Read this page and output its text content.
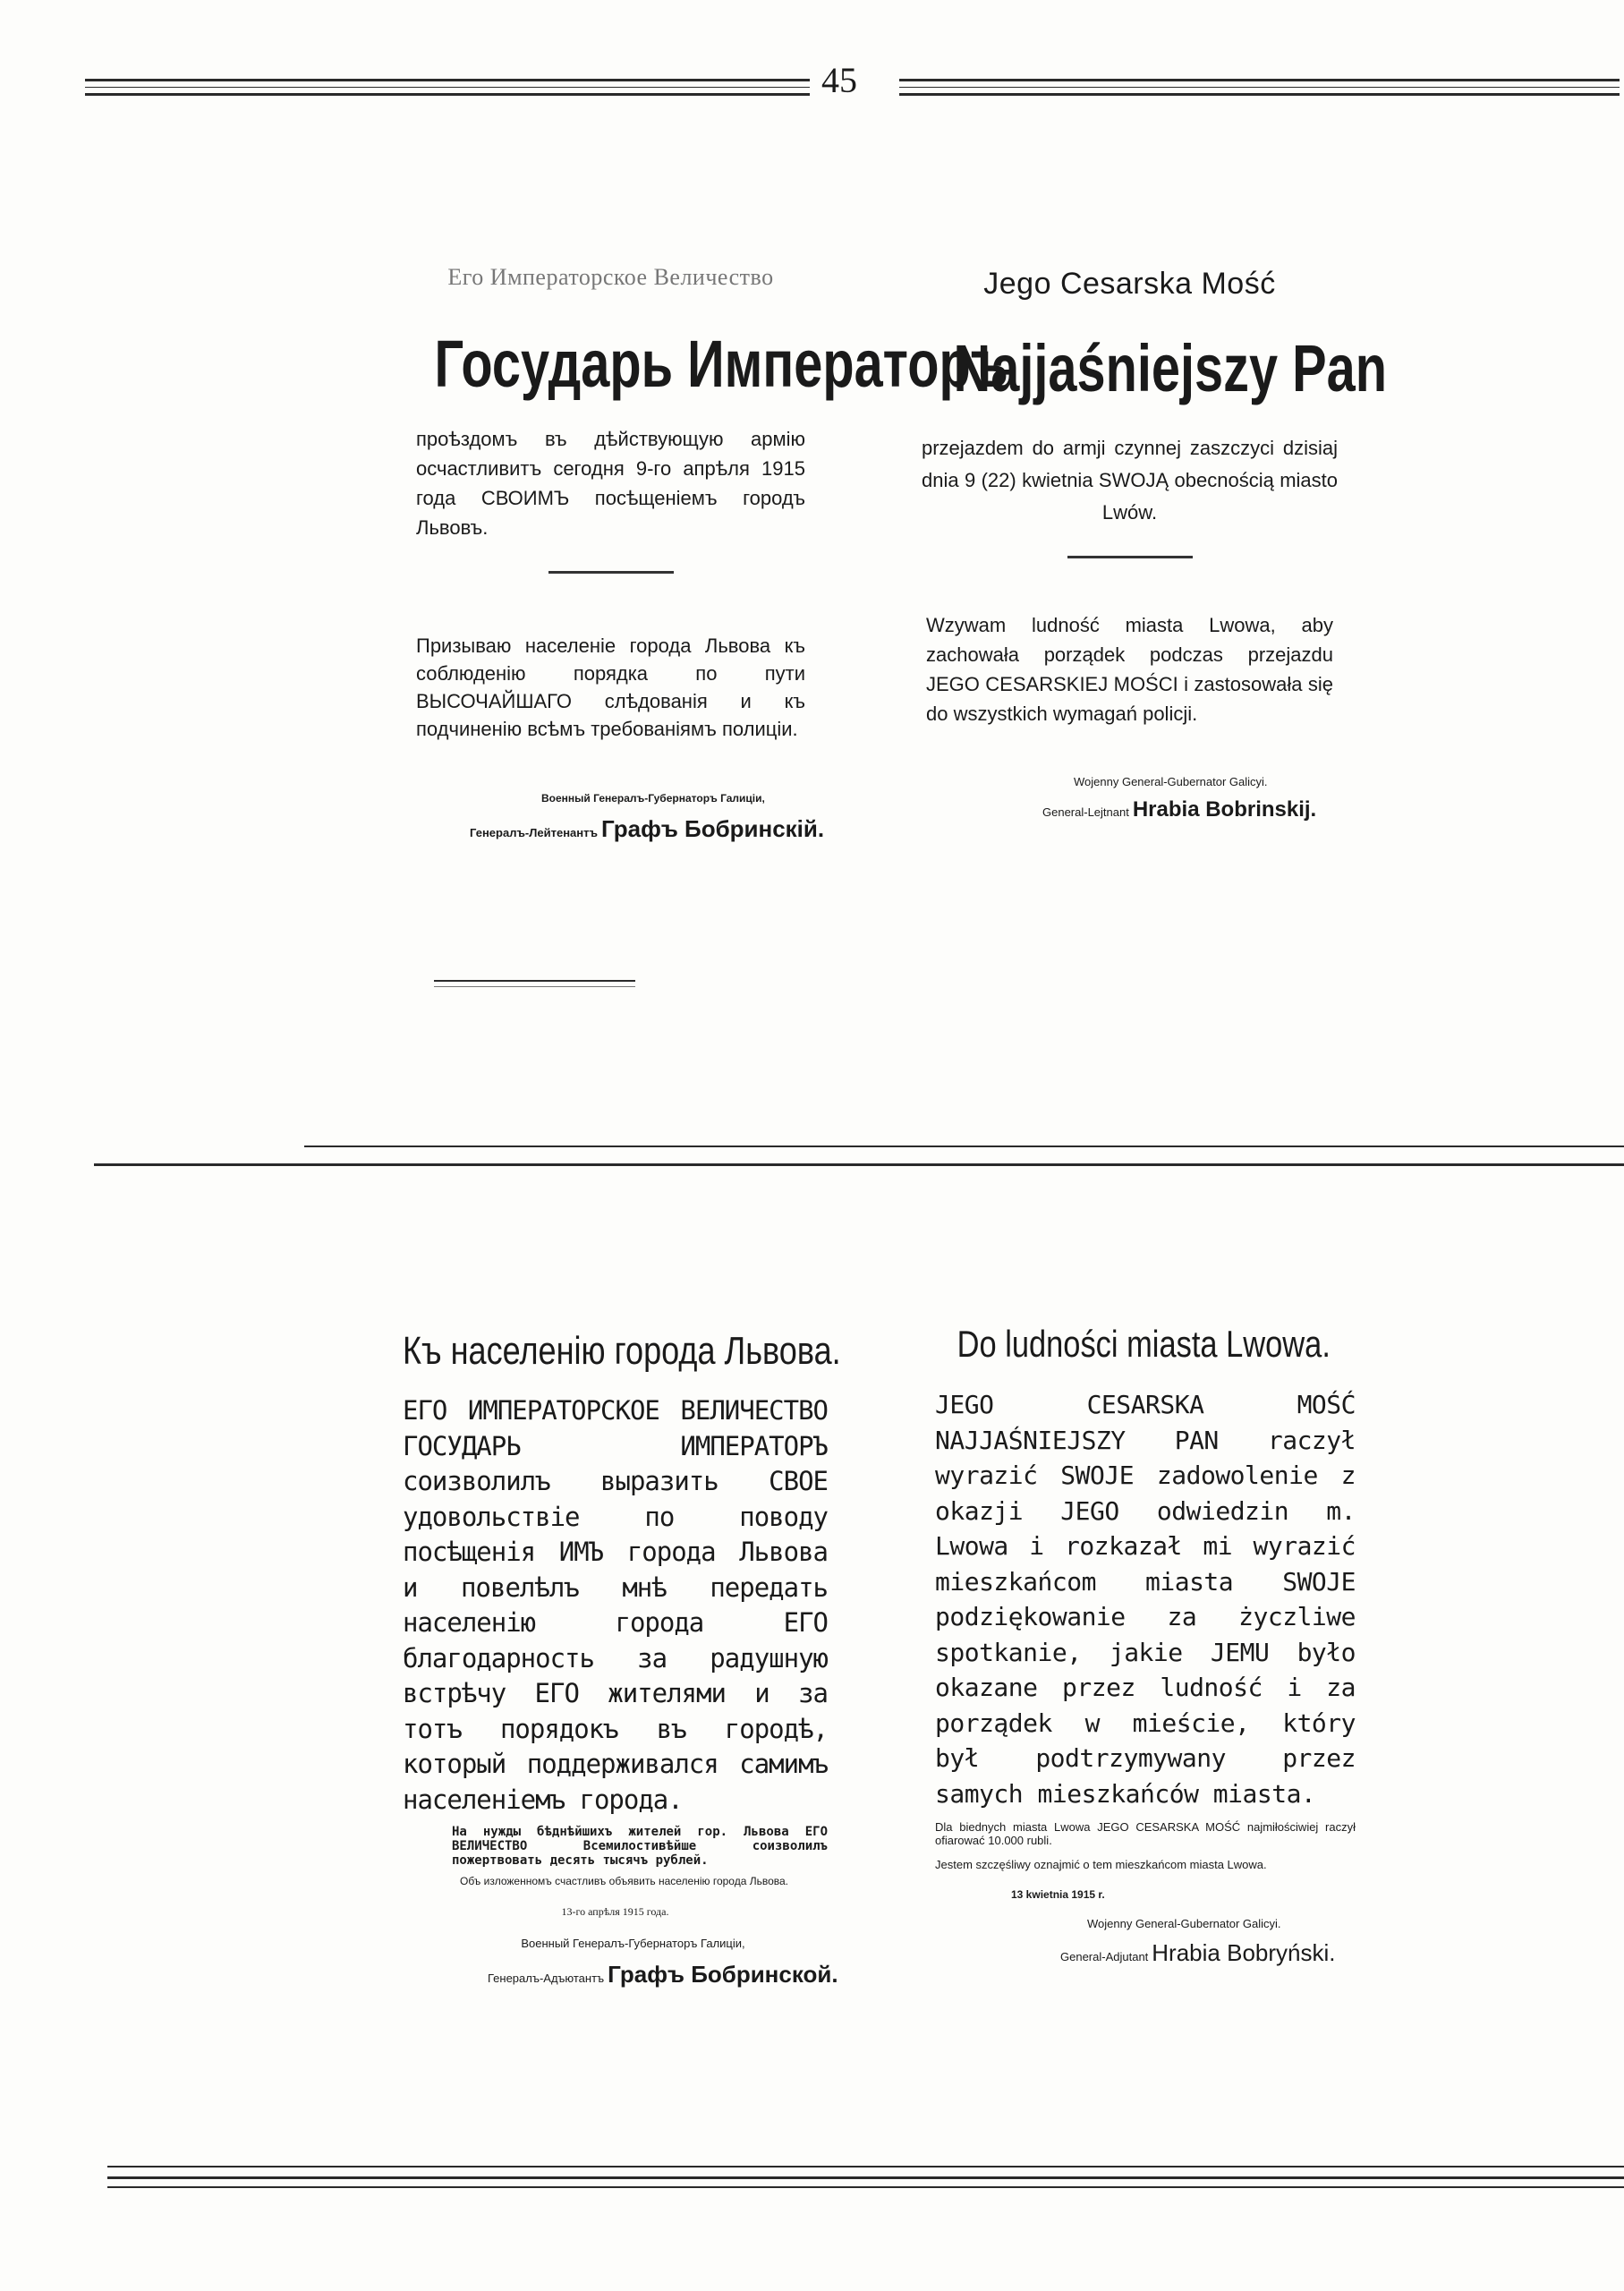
45
Его Императорское Величество
Государь Императоръ
проѣздомъ въ дѣйствующую армію осчастливитъ сегодня 9-го апрѣля 1915 года СВОИМЪ посѣщеніемъ городъ Львовъ.
Призываю населеніе города Львова къ соблюденію порядка по пути ВЫСОЧАЙШАГО слѣдованія и къ подчиненію всѣмъ требованіямъ полиціи.
Военный Генералъ-Губернаторъ Галиціи,
Генералъ-Лейтенантъ Графъ Бобринскій.
Jego Cesarska Mość
Najjaśniejszy Pan
przejazdem do armji czynnej zaszczyci dzisiaj dnia 9 (22) kwietnia SWOJĄ obecnością miasto Lwów.
Wzywam ludność miasta Lwowa, aby zachowała porządek podczas przejazdu JEGO CESARSKIEJ MOŚCI i zastosowała się do wszystkich wymagań policji.
Wojenny General-Gubernator Galicyi.
General-Lejtnant Hrabia Bobrinskij.
Къ населенію города Львова.
ЕГО ИМПЕРАТОРСКОЕ ВЕЛИЧЕСТВО ГОСУДАРЬ ИМПЕРАТОРЪ соизволилъ выразить СВОЕ удовольствіе по поводу посѣщенія ИМЪ города Львова и повелѣлъ мнѣ передать населенію города ЕГО благодарность за радушную встрѣчу ЕГО жителями и за тотъ порядокъ въ городѣ, который поддерживался самимъ населеніемъ города.
На нужды бѣднѣйшихъ жителей гор. Львова ЕГО ВЕЛИЧЕСТВО Всемилостивѣйше соизволилъ пожертвовать десять тысячъ рублей.
Объ изложенномъ счастливъ объявить населенію города Львова.
13-го апрѣля 1915 года.
Военный Генералъ-Губернаторъ Галиціи,
Генералъ-Адъютантъ Графъ Бобринской.
Do ludności miasta Lwowa.
JEGO CESARSKA MOŚĆ NAJJAŚNIEJSZY PAN raczył wyrazić SWOJE zadowolenie z okazji JEGO odwiedzin m. Lwowa i rozkazał mi wyrazić mieszkańcom miasta SWOJE podziękowanie za życzliwe spotkanie, jakie JEMU było okazane przez ludność i za porządek w mieście, który był podtrzymywany przez samych mieszkańców miasta.
Dla biednych miasta Lwowa JEGO CESARSKA MOŚĆ najmiłościwiej raczył ofiarować 10.000 rubli.
Jestem szczęśliwy oznajmić o tem mieszkańcom miasta Lwowa.
13 kwietnia 1915 r.
Wojenny General-Gubernator Galicyi.
General-Adjutant Hrabia Bobryński.
